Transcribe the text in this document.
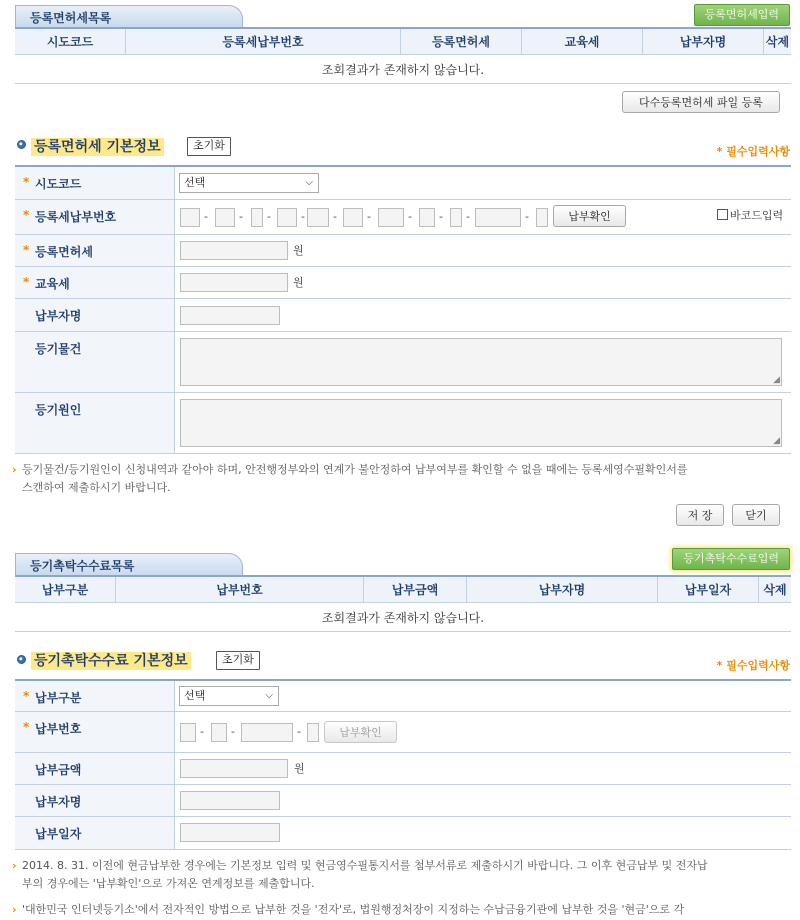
등록면허세목록	등록면허세입력
시도코드	등록세납부번호	등록면허세	교육세	납부자명	삭제
조회결과가 존재하지 않습니다.
다수등록면허세 파일 등록
등록면허세 기본정보	초기화	* 필수입력사항
* 시도코드	선택	⌵
* 등록세납부번호	-	- -	-	-	-	- - -	-	납부확인	바코드입력
* 등록면허세	원
* 교육세	원
납부자명
등기물건
◢
등기원인
◢
› 등기물건/등기원인이 신청내역과 같아야 하며, 안전행정부와의 연계가 불안정하여 납부여부를 확인할 수 없을 때에는 등록세영수필확인서를
스캔하여 제출하시기 바랍니다.
저 장	닫기
등기촉탁수수료목록
등기촉탁수수료입력
납부구분	납부번호	납부금액	납부자명	납부일자	삭제
조회결과가 존재하지 않습니다.
등기촉탁수수료 기본정보	초기화	* 필수입력사항
* 납부구분	선택	⌵
* 납부번호	- -	-	납부확인
납부금액	원
납부자명
납부일자
› 2014. 8. 31. 이전에 현금납부한 경우에는 기본정보 입력 및 현금영수필통지서를 첨부서류로 제출하시기 바랍니다. 그 이후 현금납부 및 전자납
부의 경우에는 '납부확인'으로 가져온 연계정보를 제출합니다.
› '대한민국 인터넷등기소'에서 전자적인 방법으로 납부한 것을 '전자'로, 법원행정처장이 지정하는 수납금융기관에 납부한 것을 '현금'으로 각
